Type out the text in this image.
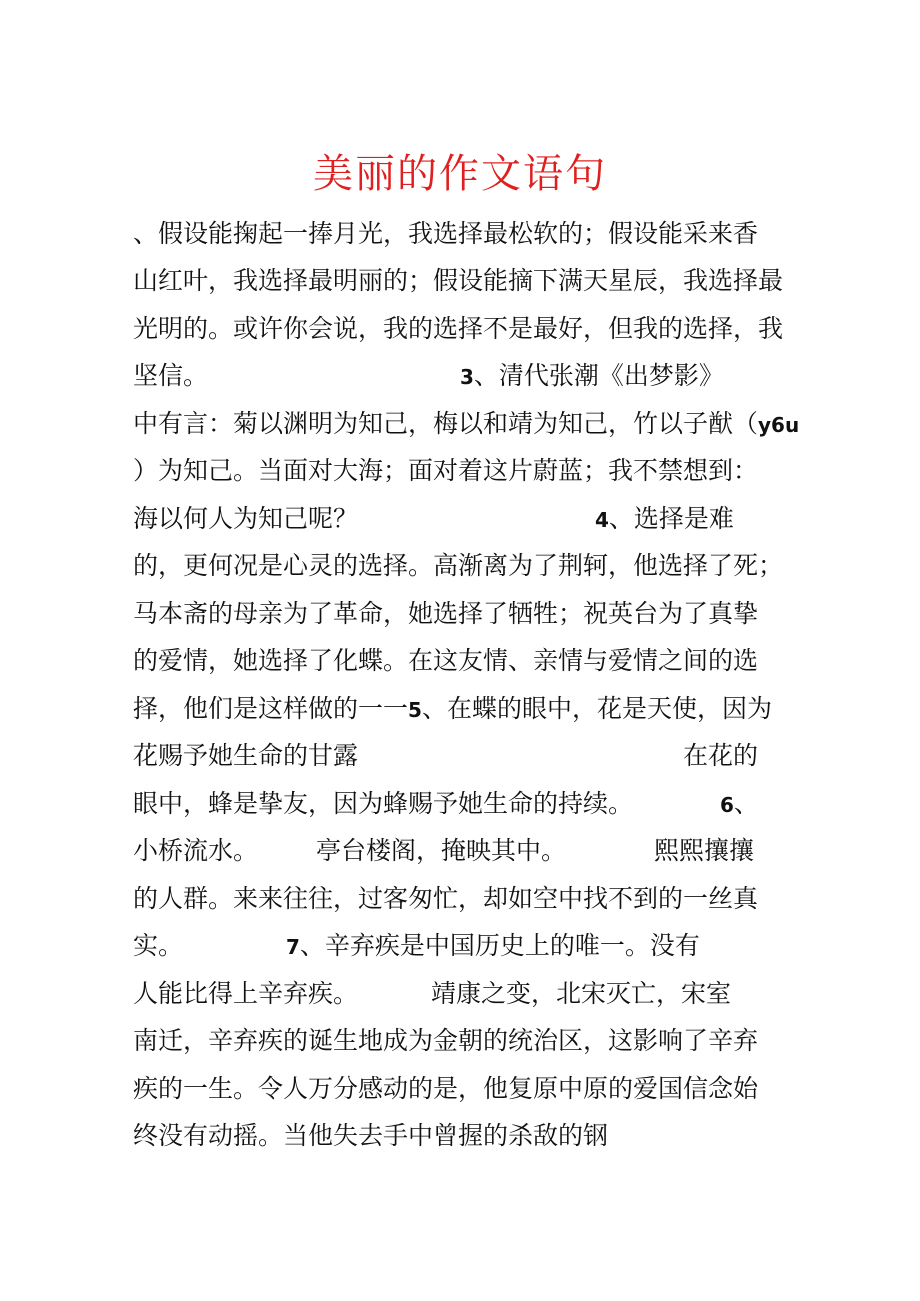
美丽的作文语句
、假设能掬起一捧月光，我选择最松软的；假设能采来香
山红叶，我选择最明丽的；假设能摘下满天星辰，我选择最
光明的。或许你会说，我的选择不是最好，但我的选择，我
坚信。	3、清代张潮《出梦影》
中有言：菊以渊明为知己，梅以和靖为知己，竹以子猷（y6u
）为知己。当面对大海；面对着这片蔚蓝；我不禁想到：
海以何人为知己呢？	4、选择是难
的，更何况是心灵的选择。高渐离为了荆轲，他选择了死；
马本斋的母亲为了革命，她选择了牺牲；祝英台为了真挚
的爱情，她选择了化蝶。在这友情、亲情与爱情之间的选
择，他们是这样做的一一5、在蝶的眼中，花是天使，因为
花赐予她生命的甘露	在花的
眼中，蜂是挚友，因为蜂赐予她生命的持续。	6、
小桥流水。 亭台楼阁，掩映其中。	熙熙攘攘
的人群。来来往往，过客匆忙，却如空中找不到的一丝真
实。	7、辛弃疾是中国历史上的唯一。没有
人能比得上辛弃疾。	靖康之变，北宋灭亡，宋室
南迁，辛弃疾的诞生地成为金朝的统治区，这影响了辛弃
疾的一生。令人万分感动的是，他复原中原的爱国信念始
终没有动摇。当他失去手中曾握的杀敌的钢
